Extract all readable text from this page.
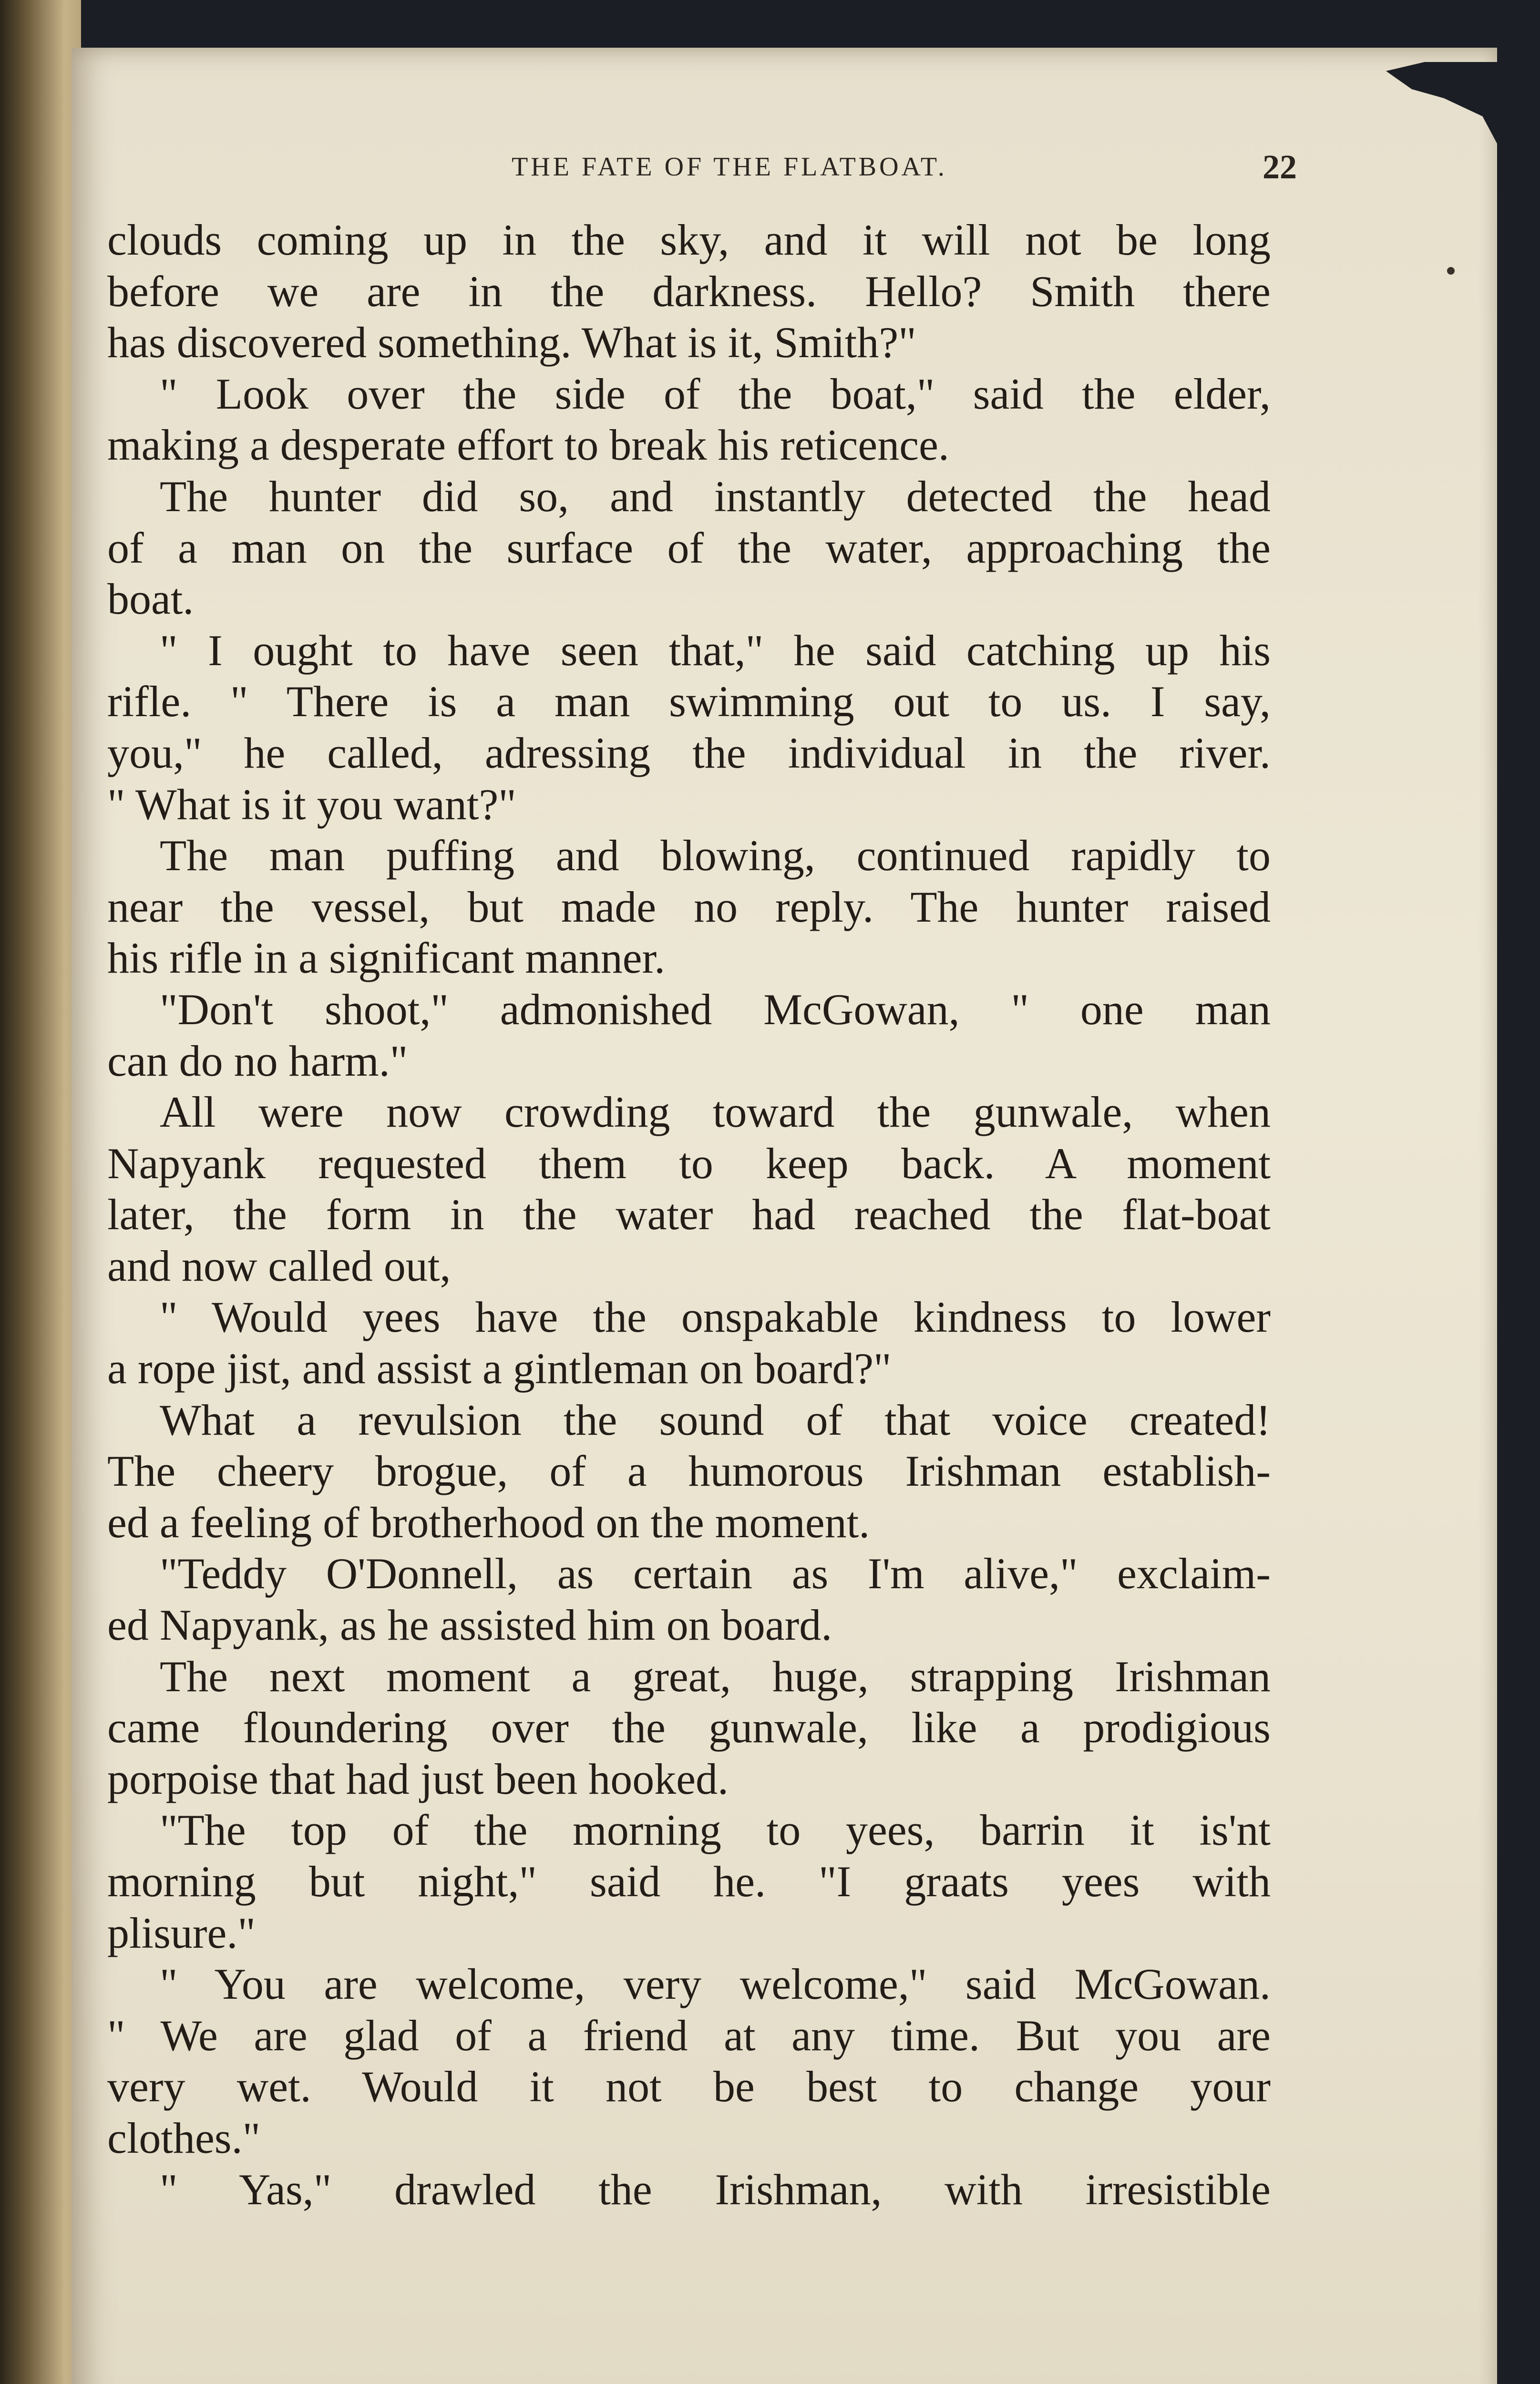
THE FATE OF THE FLATBOAT.	22
clouds coming up in the sky, and it will not be long
before we are in the darkness. Hello? Smith there
has discovered something. What is it, Smith?"
" Look over the side of the boat," said the elder,
making a desperate effort to break his reticence.
The hunter did so, and instantly detected the head
of a man on the surface of the water, approaching the
boat.
" I ought to have seen that," he said catching up his
rifle. " There is a man swimming out to us. I say,
you," he called, adressing the individual in the river.
" What is it you want?"
The man puffing and blowing, continued rapidly to
near the vessel, but made no reply. The hunter raised
his rifle in a significant manner.
"Don't shoot," admonished McGowan, " one man
can do no harm."
All were now crowding toward the gunwale, when
Napyank requested them to keep back. A moment
later, the form in the water had reached the flat-boat
and now called out,
" Would yees have the onspakable kindness to lower
a rope jist, and assist a gintleman on board?"
What a revulsion the sound of that voice created!
The cheery brogue, of a humorous Irishman establish-
ed a feeling of brotherhood on the moment.
"Teddy O'Donnell, as certain as I'm alive," exclaim-
ed Napyank, as he assisted him on board.
The next moment a great, huge, strapping Irishman
came floundering over the gunwale, like a prodigious
porpoise that had just been hooked.
"The top of the morning to yees, barrin it is'nt
morning but night," said he. "I graats yees with
plisure."
" You are welcome, very welcome," said McGowan.
" We are glad of a friend at any time. But you are
very wet. Would it not be best to change your
clothes."
" Yas," drawled the Irishman, with irresistible
